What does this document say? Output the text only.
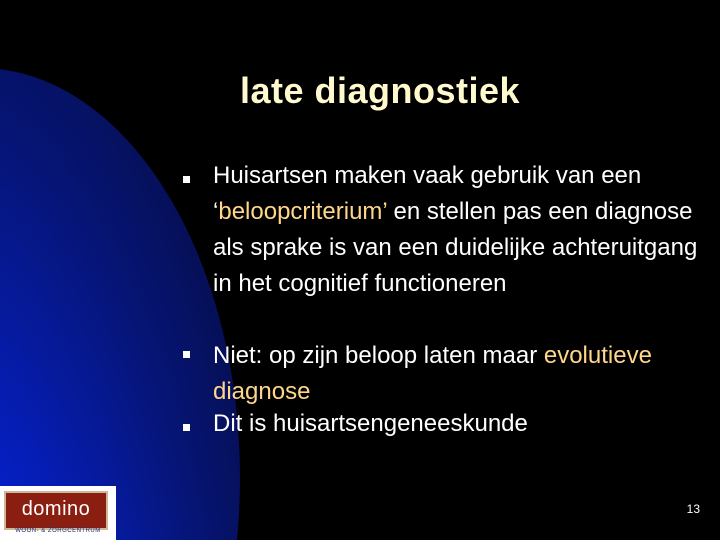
late diagnostiek
Huisartsen maken vaak gebruik van een ‘beloopcriterium’ en stellen pas een diagnose als sprake is van een duidelijke achteruitgang in het cognitief functioneren
Niet: op zijn beloop laten maar evolutieve diagnose
Dit is huisartsengeneeskunde
domino
WOON- & ZORGCENTRUM
13
